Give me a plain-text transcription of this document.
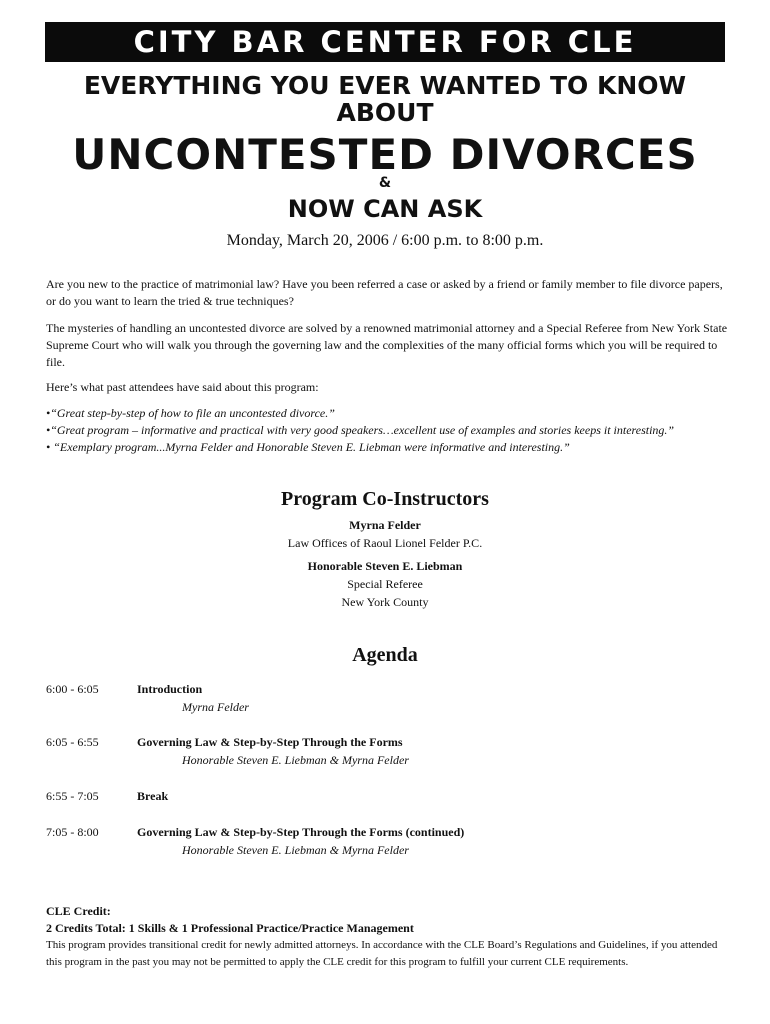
CITY BAR CENTER FOR CLE
EVERYTHING YOU EVER WANTED TO KNOW
ABOUT
UNCONTESTED DIVORCES
&
NOW CAN ASK
Monday, March 20, 2006 / 6:00 p.m. to 8:00 p.m.
Are you new to the practice of matrimonial law? Have you been referred a case or asked by a friend or family member to file divorce papers, or do you want to learn the tried & true techniques?
The mysteries of handling an uncontested divorce are solved by a renowned matrimonial attorney and a Special Referee from New York State Supreme Court who will walk you through the governing law and the complexities of the many official forms which you will be required to file.
Here’s what past attendees have said about this program:
•“Great step-by-step of how to file an uncontested divorce.”
•“Great program – informative and practical with very good speakers…excellent use of examples and stories keeps it interesting.”
• “Exemplary program...Myrna Felder and Honorable Steven E. Liebman were informative and interesting.”
Program Co-Instructors
Myrna Felder
Law Offices of Raoul Lionel Felder P.C.
Honorable Steven E. Liebman
Special Referee
New York County
Agenda
6:00 - 6:05	Introduction
Myrna Felder
6:05 - 6:55	Governing Law & Step-by-Step Through the Forms
Honorable Steven E. Liebman & Myrna Felder
6:55 - 7:05	Break
7:05 - 8:00	Governing Law & Step-by-Step Through the Forms (continued)
Honorable Steven E. Liebman & Myrna Felder
CLE Credit:
2 Credits Total: 1 Skills & 1 Professional Practice/Practice Management
This program provides transitional credit for newly admitted attorneys. In accordance with the CLE Board’s Regulations and Guidelines, if you attended this program in the past you may not be permitted to apply the CLE credit for this program to fulfill your current CLE requirements.
